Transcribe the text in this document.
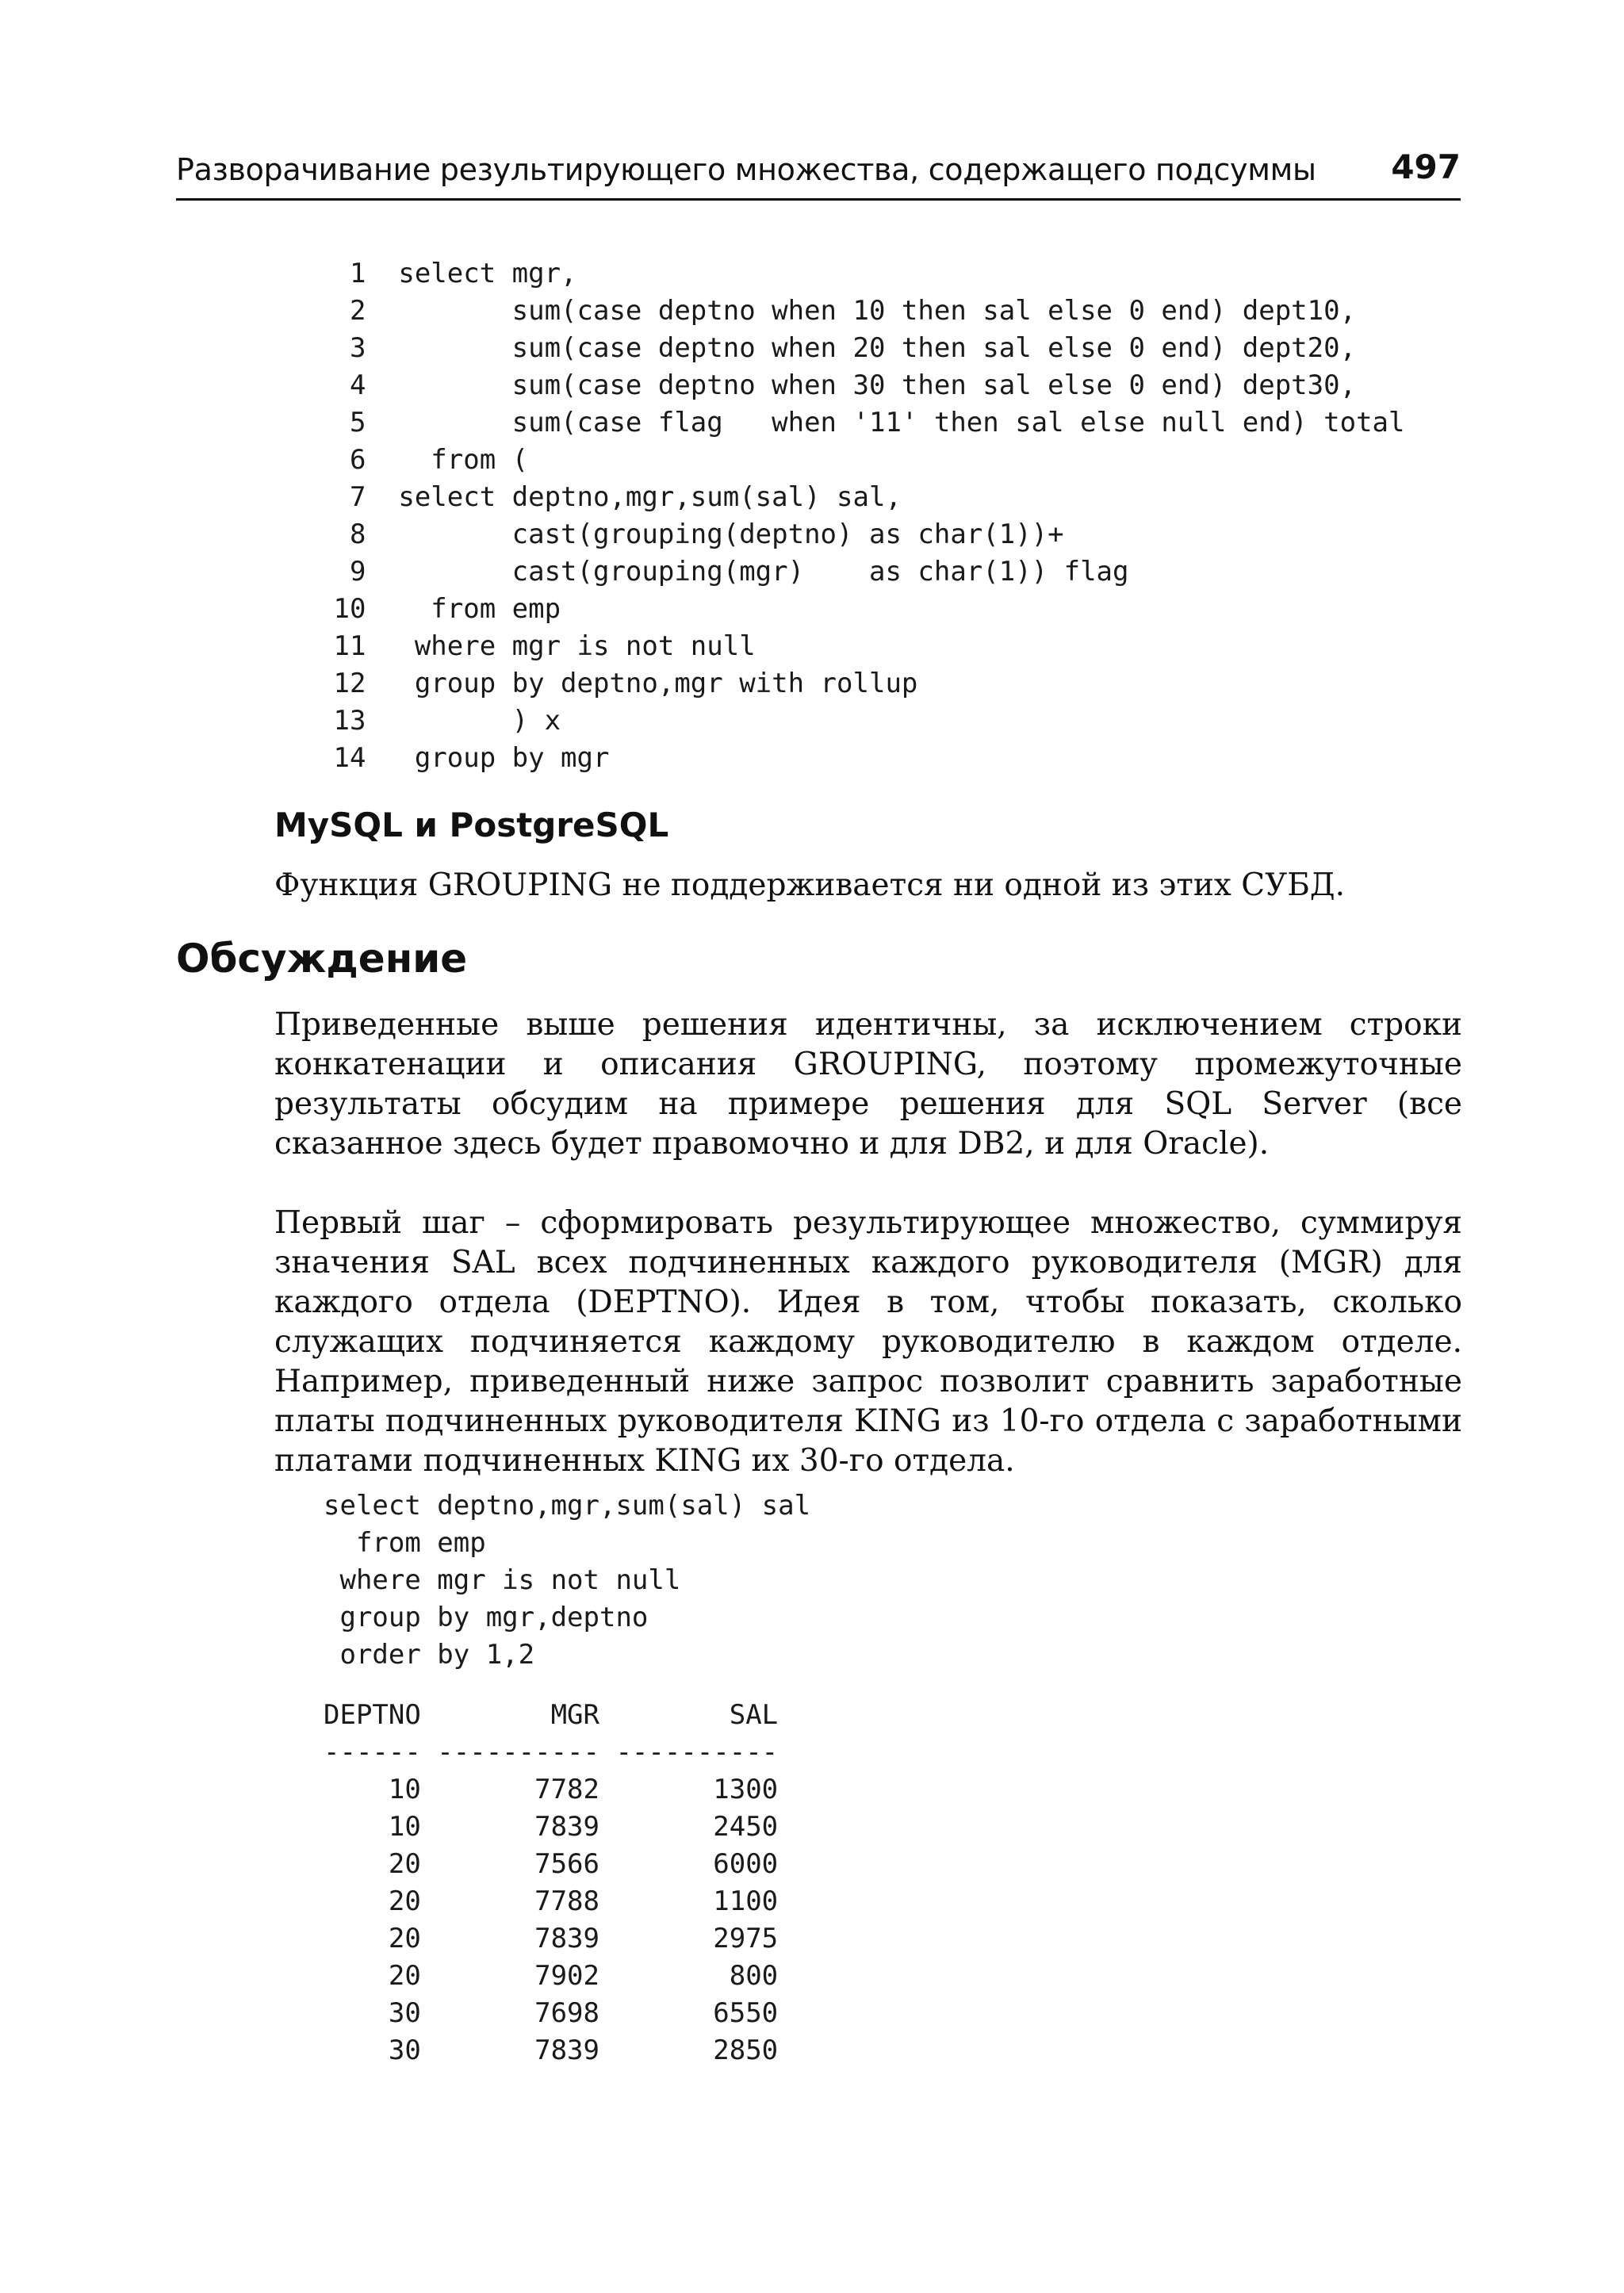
Разворачивание результирующего множества, содержащего подсуммы 497
1  select mgr,
2         sum(case deptno when 10 then sal else 0 end) dept10,
3         sum(case deptno when 20 then sal else 0 end) dept20,
4         sum(case deptno when 30 then sal else 0 end) dept30,
5         sum(case flag   when '11' then sal else null end) total
6    from (
7  select deptno,mgr,sum(sal) sal,
8         cast(grouping(deptno) as char(1))+
9         cast(grouping(mgr)    as char(1)) flag
10    from emp
11   where mgr is not null
12   group by deptno,mgr with rollup
13         ) x
14   group by mgr
MySQL и PostgreSQL
Функция GROUPING не поддерживается ни одной из этих СУБД.
Обсуждение
Приведенные выше решения идентичны, за исключением строки конкатенации и описания GROUPING, поэтому промежуточные результаты обсудим на примере решения для SQL Server (все сказанное здесь будет правомочно и для DB2, и для Oracle).
Первый шаг – сформировать результирующее множество, суммируя значения SAL всех подчиненных каждого руководителя (MGR) для каждого отдела (DEPTNO). Идея в том, чтобы показать, сколько служащих подчиняется каждому руководителю в каждом отделе. Например, приведенный ниже запрос позволит сравнить заработные платы подчиненных руководителя KING из 10-го отдела с заработными платами подчиненных KING их 30-го отдела.
select deptno,mgr,sum(sal) sal
from emp
where mgr is not null
group by mgr,deptno
order by 1,2
DEPTNO        MGR        SAL
------ ---------- ----------
10       7782       1300
10       7839       2450
20       7566       6000
20       7788       1100
20       7839       2975
20       7902        800
30       7698       6550
30       7839       2850
